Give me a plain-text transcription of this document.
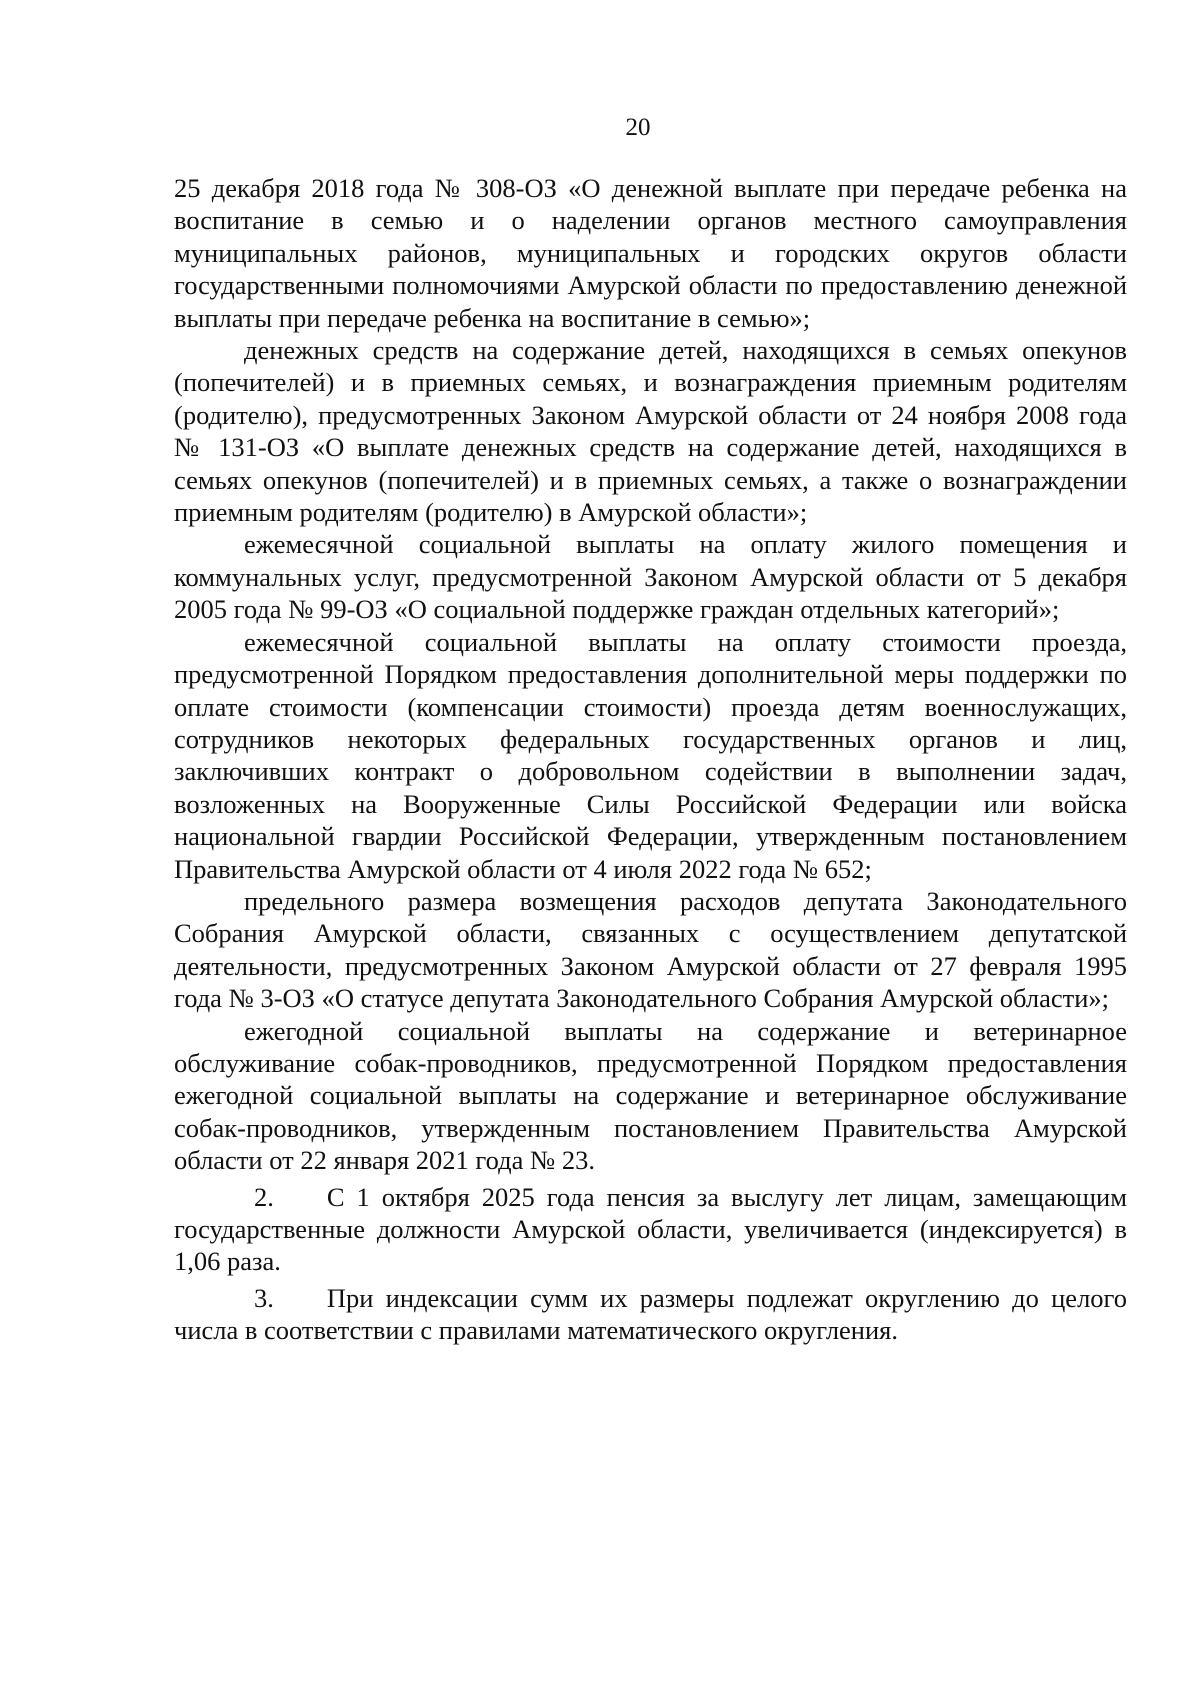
20

25 декабря 2018 года № 308-ОЗ «О денежной выплате при передаче ребенка на воспитание в семью и о наделении органов местного самоуправления муниципальных районов, муниципальных и городских округов области государственными полномочиями Амурской области по предоставлению денежной выплаты при передаче ребенка на воспитание в семью»;

денежных средств на содержание детей, находящихся в семьях опекунов (попечителей) и в приемных семьях, и вознаграждения приемным родителям (родителю), предусмотренных Законом Амурской области от 24 ноября 2008 года № 131-ОЗ «О выплате денежных средств на содержание детей, находящихся в семьях опекунов (попечителей) и в приемных семьях, а также о вознаграждении приемным родителям (родителю) в Амурской области»;

ежемесячной социальной выплаты на оплату жилого помещения и коммунальных услуг, предусмотренной Законом Амурской области от 5 декабря 2005 года № 99-ОЗ «О социальной поддержке граждан отдельных категорий»;

ежемесячной социальной выплаты на оплату стоимости проезда, предусмотренной Порядком предоставления дополнительной меры поддержки по оплате стоимости (компенсации стоимости) проезда детям военнослужащих, сотрудников некоторых федеральных государственных органов и лиц, заключивших контракт о добровольном содействии в выполнении задач, возложенных на Вооруженные Силы Российской Федерации или войска национальной гвардии Российской Федерации, утвержденным постановлением Правительства Амурской области от 4 июля 2022 года № 652;

предельного размера возмещения расходов депутата Законодательного Собрания Амурской области, связанных с осуществлением депутатской деятельности, предусмотренных Законом Амурской области от 27 февраля 1995 года № 3-ОЗ «О статусе депутата Законодательного Собрания Амурской области»;

ежегодной социальной выплаты на содержание и ветеринарное обслуживание собак-проводников, предусмотренной Порядком предоставления ежегодной социальной выплаты на содержание и ветеринарное обслуживание собак-проводников, утвержденным постановлением Правительства Амурской области от 22 января 2021 года № 23.

2.  С 1 октября 2025 года пенсия за выслугу лет лицам, замещающим государственные должности Амурской области, увеличивается (индексируется) в 1,06 раза.

3.  При индексации сумм их размеры подлежат округлению до целого числа в соответствии с правилами математического округления.
